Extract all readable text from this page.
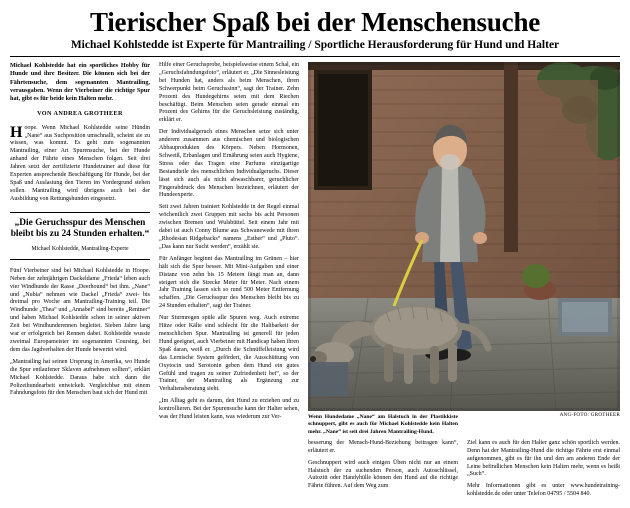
Tierischer Spaß bei der Menschensuche
Michael Kohlstedde ist Experte für Mantrailing / Sportliche Herausforderung für Hund und Halter

Michael Kohlstedde hat ein sportliches Hobby für Hunde und ihre Besitzer. Die können sich bei der Fährtensuche, dem sogenannten Mantrailing, verausgaben. Wenn der Vierbeiner die richtige Spur hat, gibt es für beide kein Halten mehr.

VON ANDREA GROTHEER

Hoope. Wenn Michael Kohlstedde seine Hündin „Nane“ aus Suchposition umschnallt, scheint sie zu wissen, was kommt. Es geht zum sogenannten Mantrailing, einer Art Spurensuche, bei der Hunde anhand der Fährte eines Menschen folgen. Seit drei Jahren setzt der zertifizierte Hundetrainer auf diese für Experten ansprechende Beschäftigung für Hunde, bei der Spaß und Auslastung den Tieren im Vordergrund stehen sollen. Mantrailing wird übrigens auch bei der Ausbildung von Rettungshunden eingesetzt.

„Die Geruchsspur des Menschen bleibt bis zu 24 Stunden erhalten.“
Michael Kohlstedde, Mantrailing-Experte

Fünf Vierbeiner sind bei Michael Kohlstedde in Hoope. Neben der zehnjährigen Dackeldame „Frieda“ leben auch vier Windhunde der Rasse „Deerhound“ bei ihm. „Nane“ und „Nubia“ nehmen wie Dackel „Frieda“ zwei- bis dreimal pro Woche am Mantrailing-Training teil. Die Windhunde „Thea“ und „Annabel“ sind bereits „Rentner“ und haben Michael Kohlstedde schon in seiner aktiven Zeit bei Windhunderennen begleitet. Sieben Jahre lang war er erfolgreich bei Rennen dabei. Kohlstedde wusste zweimal Europameister im sogenannten Coursing, bei dem das Jagdverhalten der Hunde bewertet wird.

„Mantrailing hat seinen Ursprung in Amerika, wo Hunde die Spur entlaufener Sklaven aufnehmen sollten“, erklärt Michael Kohlstedde. Daraus habe sich dann die Polizeihundearbeit entwickelt. Vergleichbar mit einem Fahndungsfoto für den Menschen baut sich der Hund mit

Hilfe einer Geruchsprobe, beispielsweise einem Schal, ein „Geruchsfahndungsfoto“, erläutert er. „Die Sinnesleistung bei Hunden hat, anders als beim Menschen, ihren Schwerpunkt beim Geruchssinn“, sagt der Trainer. Zehn Prozent des Hundegehirns seien mit dem Riechen beschäftigt. Beim Menschen seien gerade einmal ein Prozent des Gehirns für die Geruchsleistung zuständig, erklärt er.

Der Individualgeruch eines Menschen setze sich unter anderem zusammen aus chemischen und biologischen Abbauprodukten des Körpers. Neben Hormonen, Schweiß, Erbanlagen und Ernährung seien auch Hygiene, Stress oder das Tragen eine Parfums einzigartige Bestandteile des menschlichen Individualgeruchs. Dieser lässt sich auch als nicht abwaschbarer, geruchlicher Fingerabdruck des Menschen bezeichnen, erläutert der Hundeexperte.

Seit zwei Jahren trainiert Kohlstedde in der Regel einmal wöchentlich zwei Gruppen mit sechs bis acht Personen zwischen Bremen und Wulsbüttel. Seit einem Jahr mit dabei ist auch Conny Blume aus Schwanewede mit ihren „Rhodesian Ridgebacks“ namens „Esther“ und „Pluto“. „Das kann nur Sucht werden“, erzählt sie.

Für Anfänger beginnt das Mantrailing im Grünen – hier hält sich die Spur besser. Mit Mini-Aufgaben und einer Distanz von zehn bis 15 Metern fängt man an, dann steigert sich die Strecke Meter für Meter. Nach einem Jahr Training lassen sich so rund 500 Meter Entfernung schaffen. „Die Geruchsspur des Menschen bleibt bis zu 24 Stunden erhalten“, sagt der Trainer.

Nur Sturmregen spüle alle Spuren weg. Auch extreme Hitze oder Kälte sind schlecht für die Haltbarkeit der menschlichen Spur. Mantrailing ist generell für jeden Hund geeignet, auch Vierbeiner mit Handicap haben ihren Spaß daran, weiß er. „Durch die Schnüffelleistung wird das Lernische System gefördert, die Ausschüttung von Oxytocin und Serotonin geben dem Hund ein gutes Gefühl und tragen zu seiner Zufriedenheit bei“, so der Trainer, der Mantrailing als Ergänzung zur Verhaltensberatung sieht.

„Im Alltag geht es darum, den Hund zu erziehen und zu kontrollieren. Bei der Spurensuche kann der Halter sehen, was der Hund leisten kann, was wiederum zur Ver-	Wenn Hundedame „Nane“ am Halstuch in der Plastikkiste schnuppert, gibt es auch für Michael Kohlstedde kein Halten mehr. „Nane“ ist seit drei Jahren Mantrailing-Hund.
ANG-FOTO: GROTHEER

besserung der Mensch-Hund-Beziehung beitragen kann“, erläutert er.

Geschnuppert wird auch einigen Üben nicht nur an einem Halstuch der zu suchenden Person, auch Autoschlüssel, Autozitt oder Handyhülle können den Hund auf die richtige Fährte führen. Auf dem Weg zum

Ziel kann es auch für den Halter ganz schön sportlich werden. Denn hat der Mantrailing-Hund die richtige Fährte erst einmal aufgenommen, gibt es für ihn und den am anderen Ende der Leine befindlichen Menschen kein Halten mehr, wenn es heißt „Such“.

Mehr Informationen gibt es unter www.hundetraining-kohlstedde.de oder unter Telefon 04795 / 5504 840.
